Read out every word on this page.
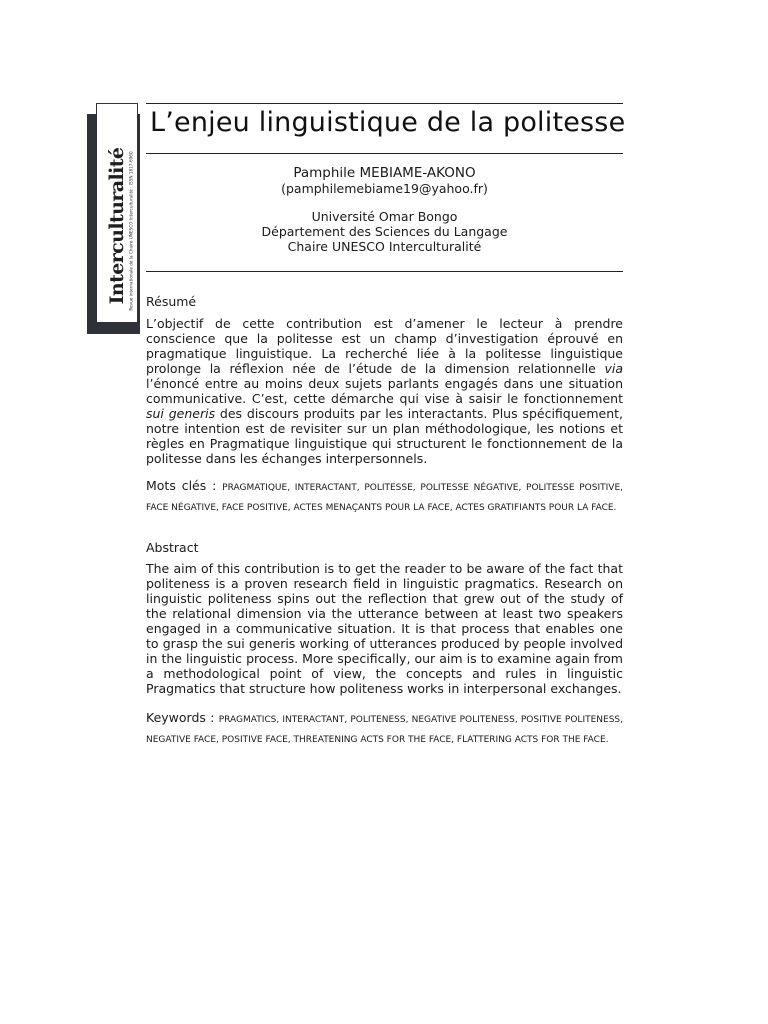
Interculturalité Revue internationale de la Chaire UNESCO Interculturalité · ISSN 1817-6960
L’enjeu linguistique de la politesse
Pamphile MEBIAME-AKONO
(pamphilemebiame19@yahoo.fr)
Université Omar Bongo
Département des Sciences du Langage
Chaire UNESCO Interculturalité
Résumé

L’objectif de cette contribution est d’amener le lecteur à prendre conscience que la politesse est un champ d’investigation éprouvé en pragmatique linguistique. La recherché liée à la politesse linguistique prolonge la réflexion née de l’étude de la dimension relationnelle via l’énoncé entre au moins deux sujets parlants engagés dans une situation communicative. C’est, cette démarche qui vise à saisir le fonctionnement sui generis des discours produits par les interactants. Plus spécifiquement, notre intention est de revisiter sur un plan méthodologique, les notions et règles en Pragmatique linguistique qui structurent le fonctionnement de la politesse dans les échanges interpersonnels.

Mots clés : PRAGMATIQUE, INTERACTANT, POLITESSE, POLITESSE NÉGATIVE, POLITESSE POSITIVE, FACE NÉGATIVE, FACE POSITIVE, ACTES MENAÇANTS POUR LA FACE, ACTES GRATIFIANTS POUR LA FACE.

Abstract

The aim of this contribution is to get the reader to be aware of the fact that politeness is a proven research field in linguistic pragmatics. Research on linguistic politeness spins out the reflection that grew out of the study of the relational dimension via the utterance between at least two speakers engaged in a communicative situation. It is that process that enables one to grasp the sui generis working of utterances produced by people involved in the linguistic process. More specifically, our aim is to examine again from a methodological point of view, the concepts and rules in linguistic Pragmatics that structure how politeness works in interpersonal exchanges.

Keywords : PRAGMATICS, INTERACTANT, POLITENESS, NEGATIVE POLITENESS, POSITIVE POLITENESS, NEGATIVE FACE, POSITIVE FACE, THREATENING ACTS FOR THE FACE, FLATTERING ACTS FOR THE FACE.
